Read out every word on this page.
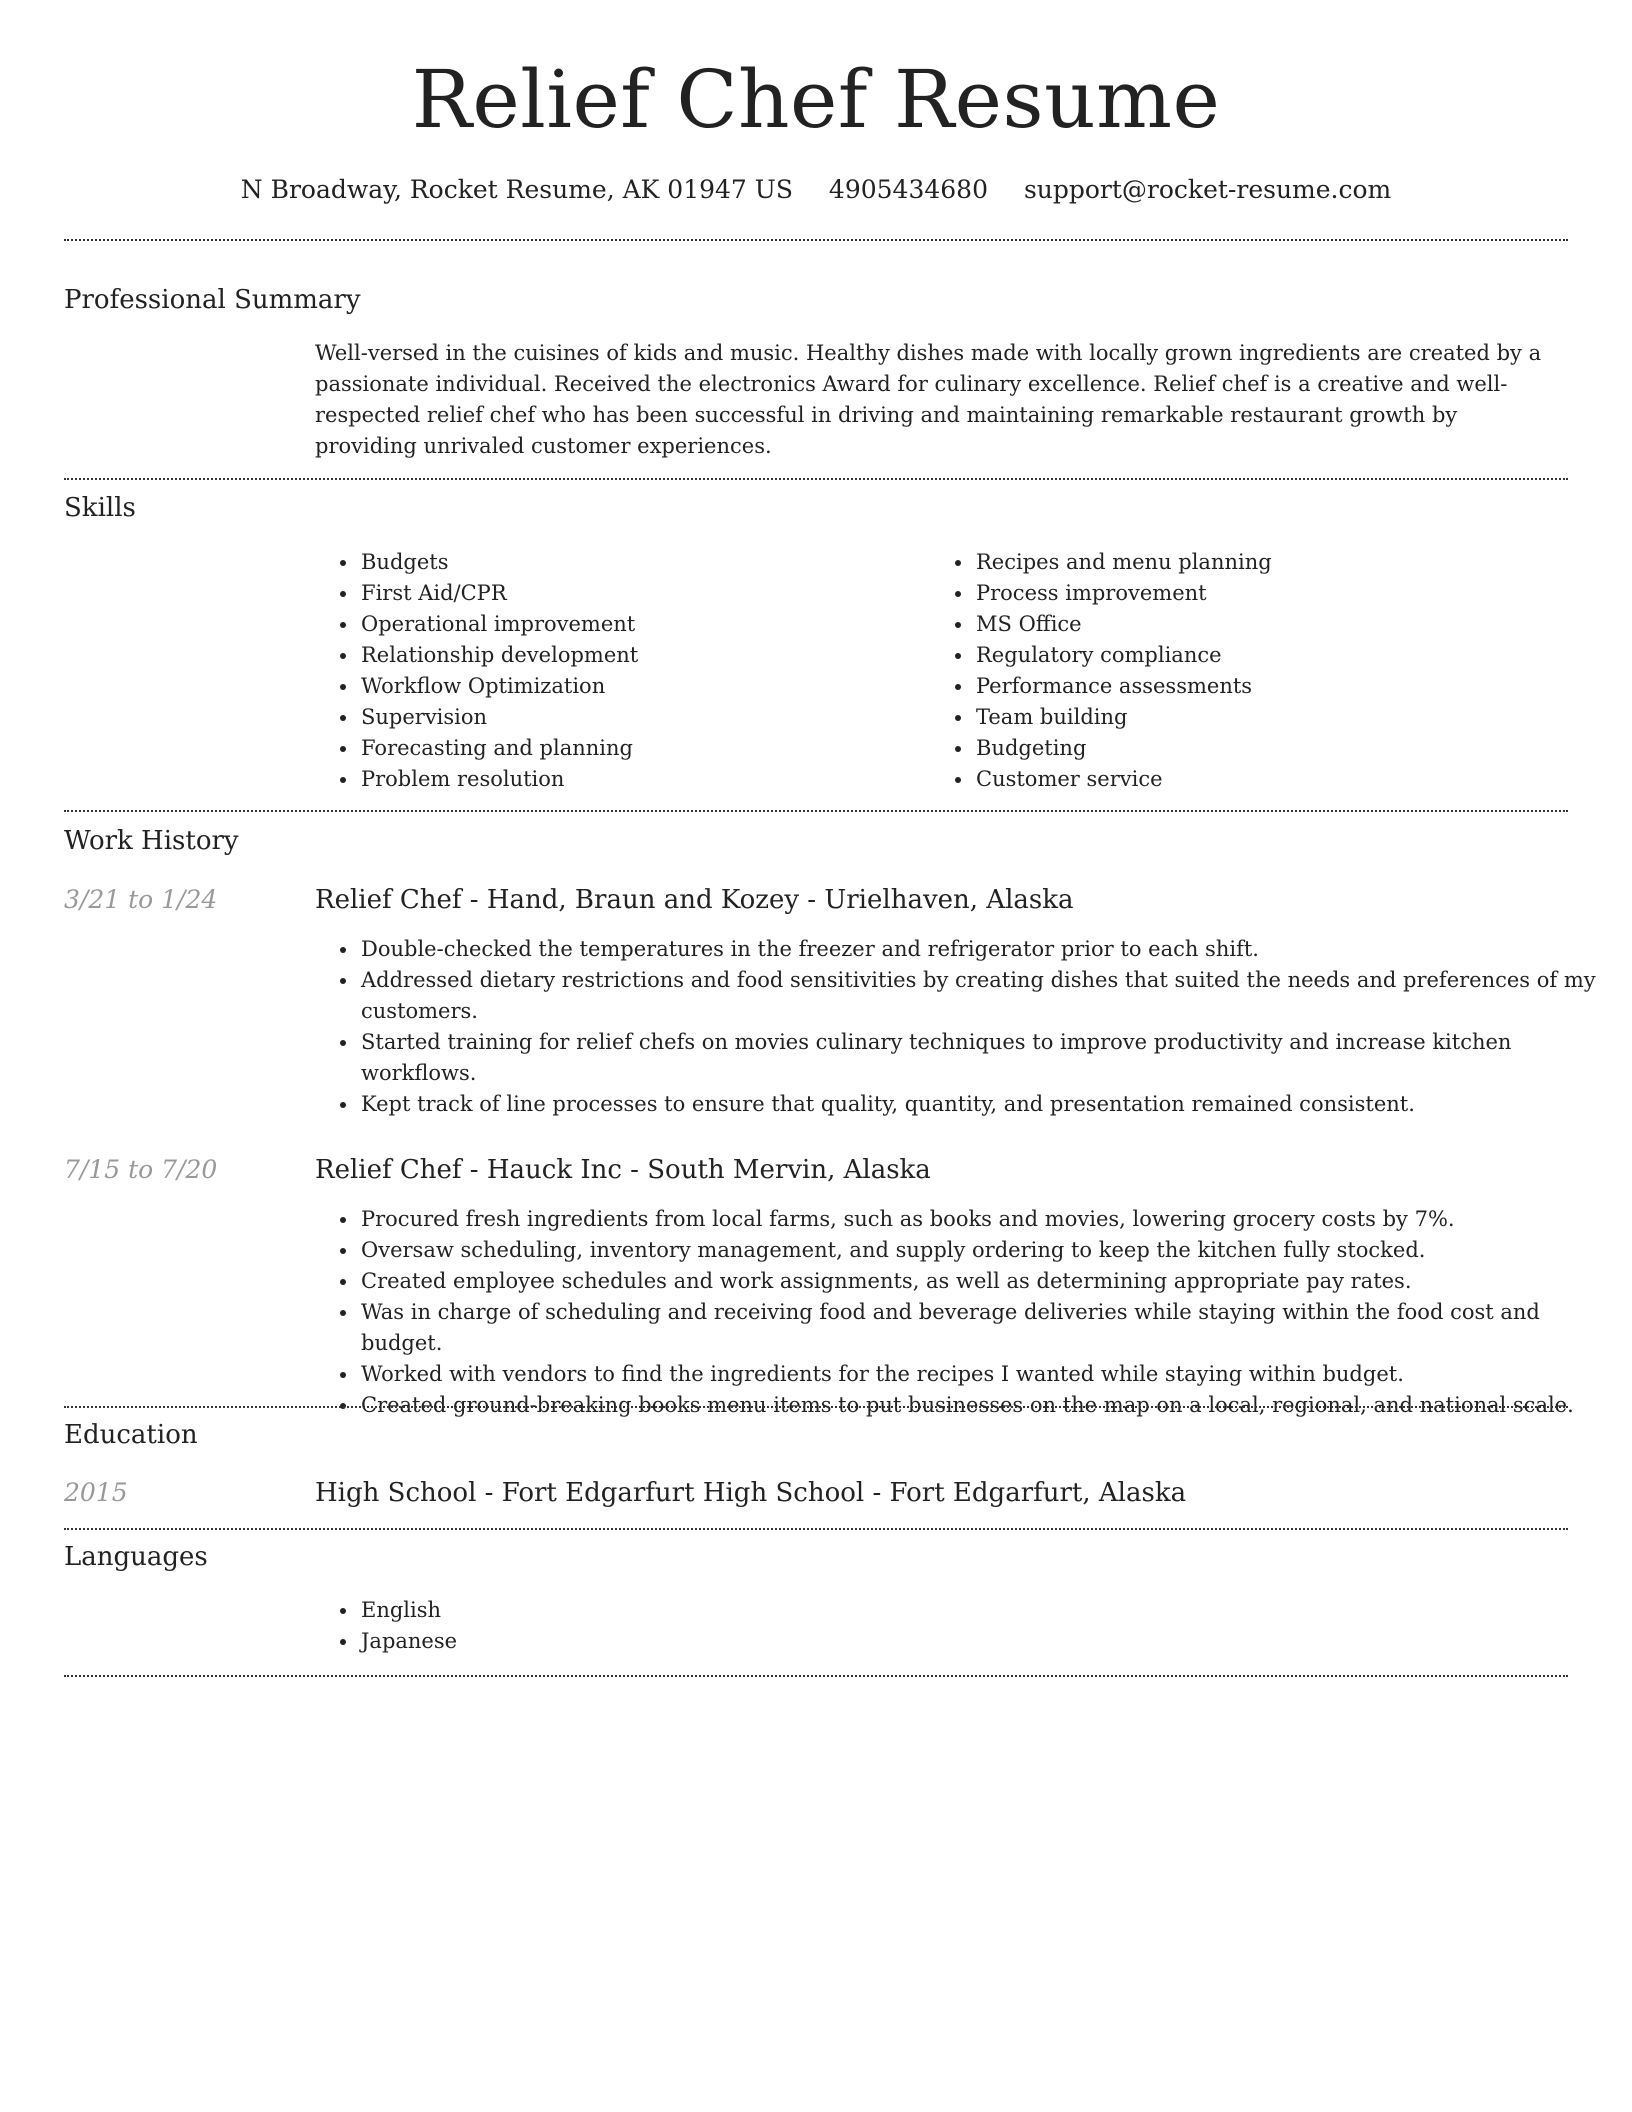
Relief Chef Resume
N Broadway, Rocket Resume, AK 01947 US 4905434680 support@rocket-resume.com
Professional Summary
Well-versed in the cuisines of kids and music. Healthy dishes made with locally grown ingredients are created by a passionate individual. Received the electronics Award for culinary excellence. Relief chef is a creative and well-respected relief chef who has been successful in driving and maintaining remarkable restaurant growth by providing unrivaled customer experiences.
Skills
• Budgets
• First Aid/CPR
• Operational improvement
• Relationship development
• Workflow Optimization
• Supervision
• Forecasting and planning
• Problem resolution
• Recipes and menu planning
• Process improvement
• MS Office
• Regulatory compliance
• Performance assessments
• Team building
• Budgeting
• Customer service
Work History
3/21 to 1/24	Relief Chef - Hand, Braun and Kozey - Urielhaven, Alaska
• Double-checked the temperatures in the freezer and refrigerator prior to each shift.
• Addressed dietary restrictions and food sensitivities by creating dishes that suited the needs and preferences of my customers.
• Started training for relief chefs on movies culinary techniques to improve productivity and increase kitchen workflows.
• Kept track of line processes to ensure that quality, quantity, and presentation remained consistent.
7/15 to 7/20	Relief Chef - Hauck Inc - South Mervin, Alaska
• Procured fresh ingredients from local farms, such as books and movies, lowering grocery costs by 7%.
• Oversaw scheduling, inventory management, and supply ordering to keep the kitchen fully stocked.
• Created employee schedules and work assignments, as well as determining appropriate pay rates.
• Was in charge of scheduling and receiving food and beverage deliveries while staying within the food cost and budget.
• Worked with vendors to find the ingredients for the recipes I wanted while staying within budget.
• Created ground-breaking books menu items to put businesses on the map on a local, regional, and national scale.
Education
2015	High School - Fort Edgarfurt High School - Fort Edgarfurt, Alaska
Languages
• English
• Japanese
